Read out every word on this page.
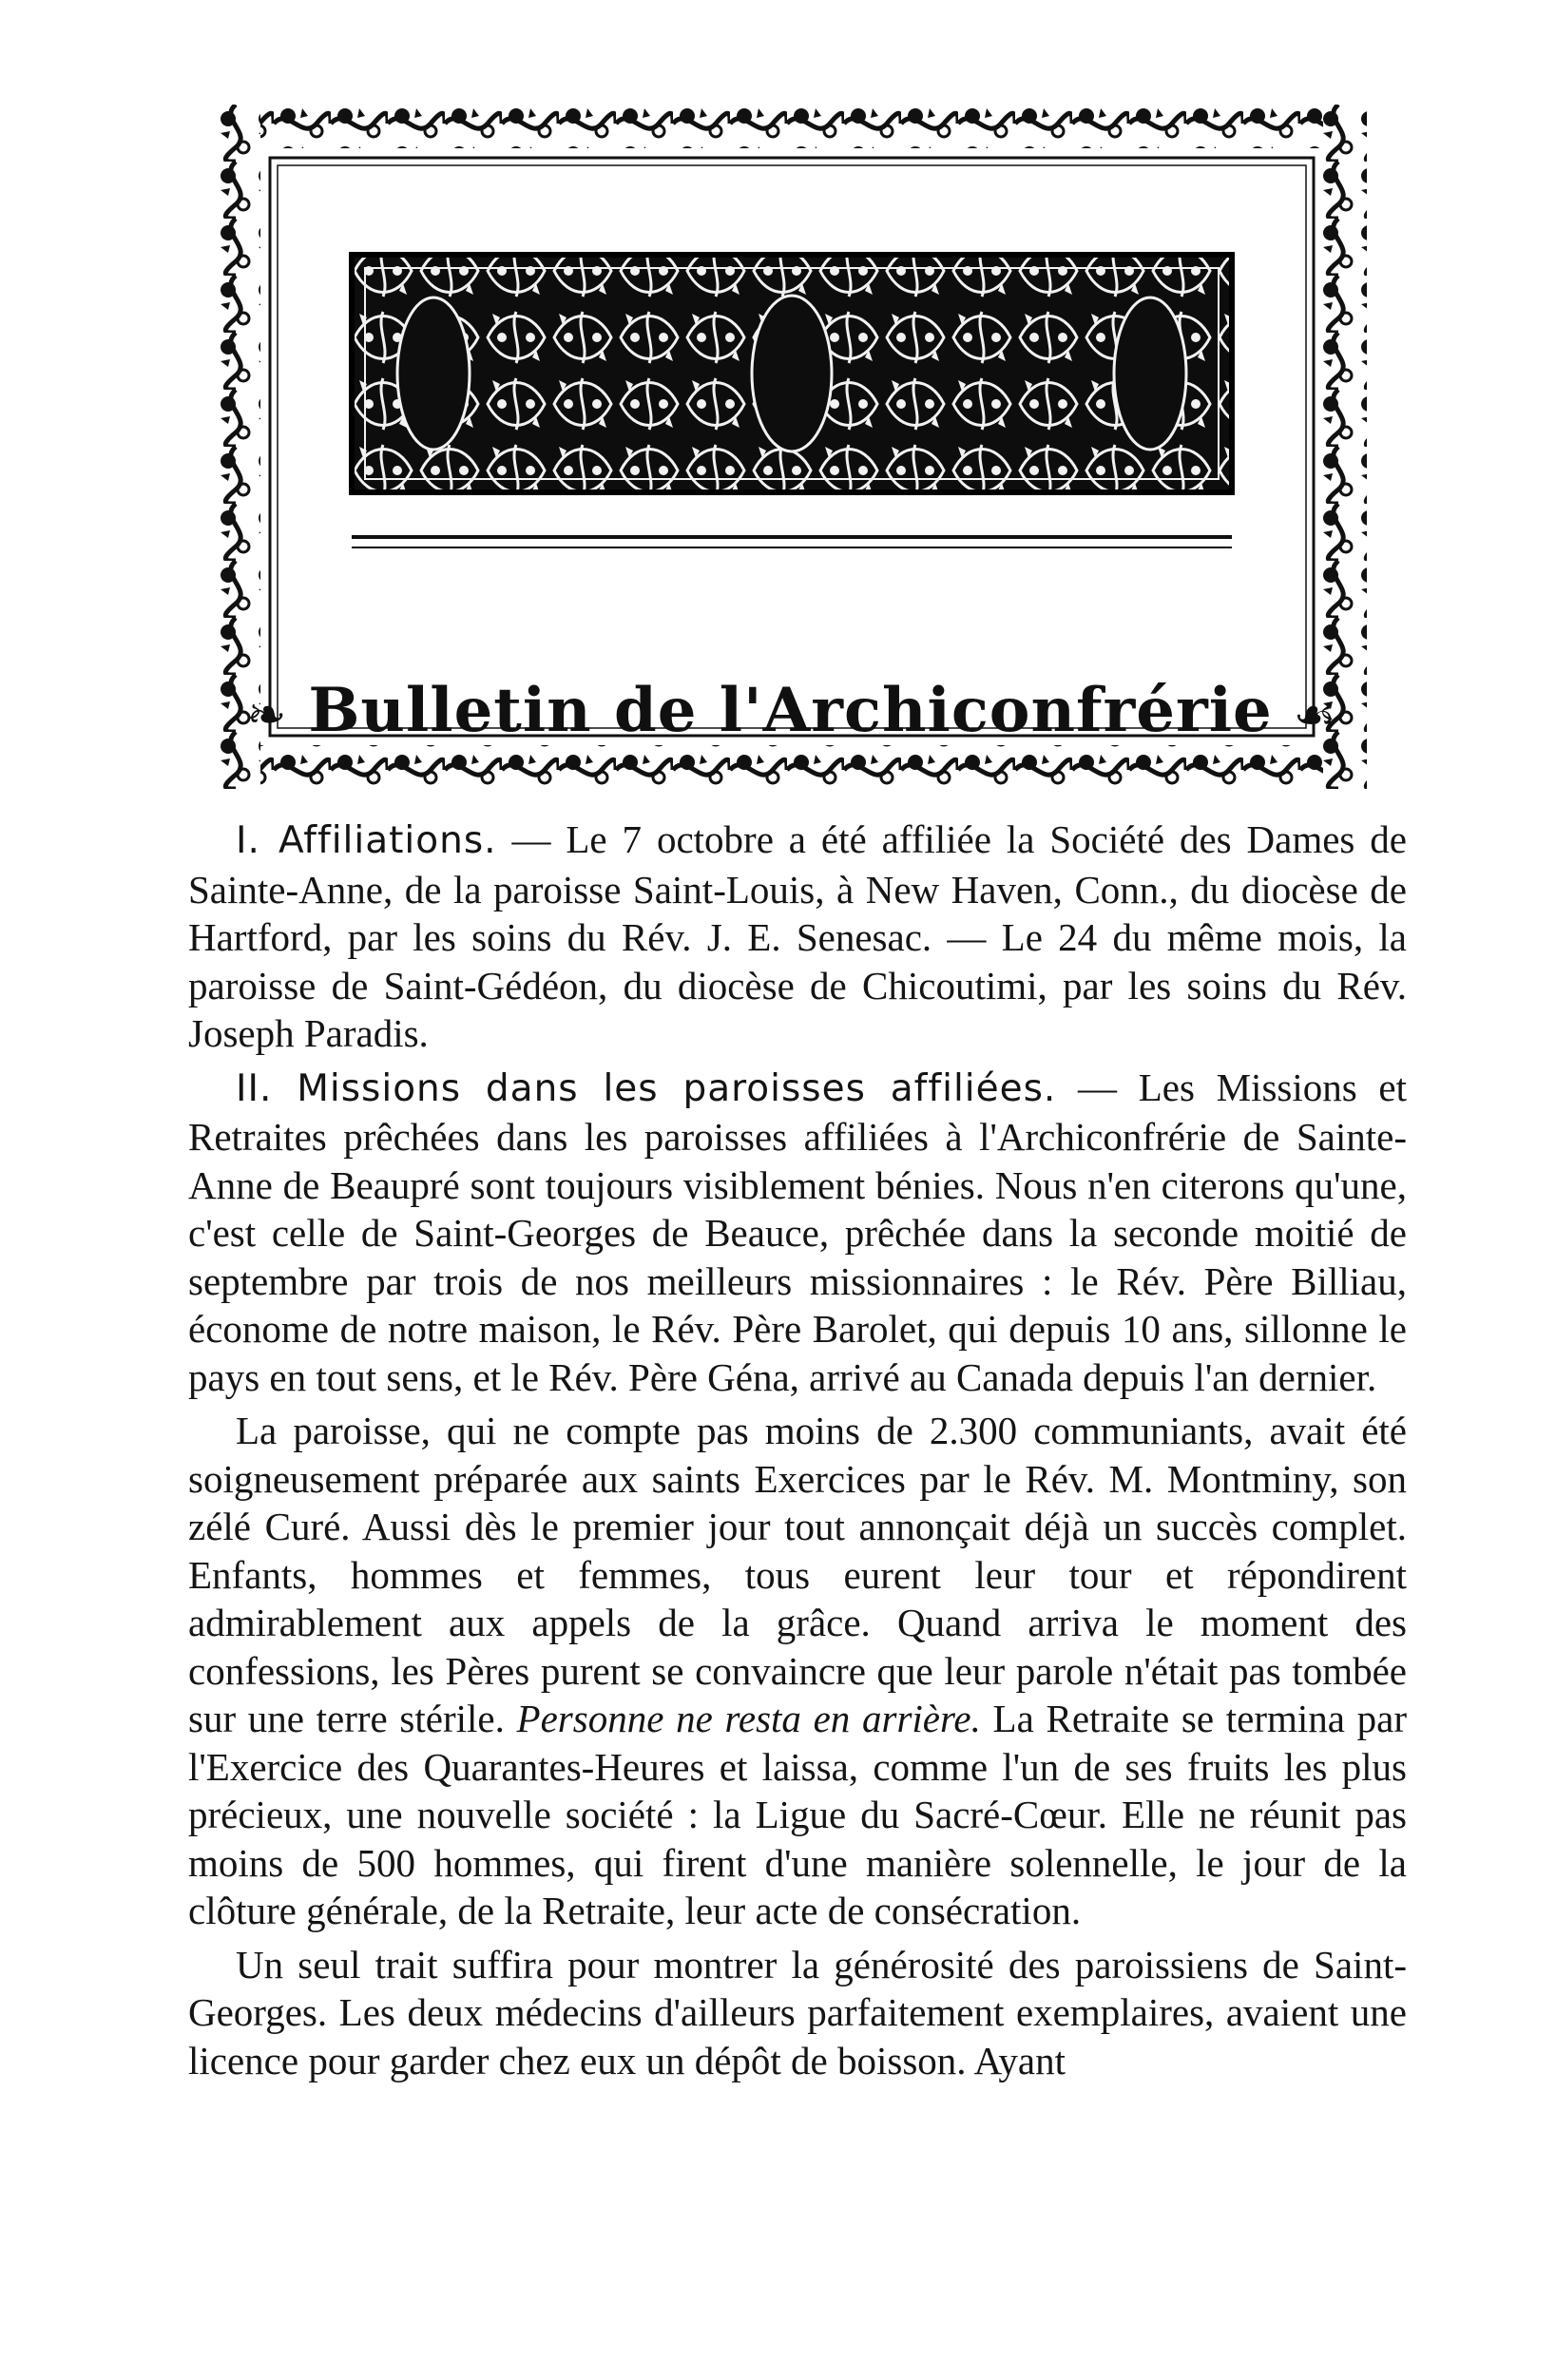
❧ Bulletin de l'Archiconfrérie ☙

I. Affiliations. — Le 7 octobre a été affiliée la Société des Dames de Sainte-Anne, de la paroisse Saint-Louis, à New Haven, Conn., du diocèse de Hartford, par les soins du Rév. J. E. Senesac. — Le 24 du même mois, la paroisse de Saint-Gédéon, du diocèse de Chicoutimi, par les soins du Rév. Joseph Paradis.

II. Missions dans les paroisses affiliées. — Les Missions et Retraites prêchées dans les paroisses affiliées à l'Archiconfrérie de Sainte-Anne de Beaupré sont toujours visiblement bénies. Nous n'en citerons qu'une, c'est celle de Saint-Georges de Beauce, prêchée dans la seconde moitié de septembre par trois de nos meilleurs missionnaires : le Rév. Père Billiau, économe de notre maison, le Rév. Père Barolet, qui depuis 10 ans, sillonne le pays en tout sens, et le Rév. Père Géna, arrivé au Canada depuis l'an dernier.

La paroisse, qui ne compte pas moins de 2.300 communiants, avait été soigneusement préparée aux saints Exercices par le Rév. M. Montminy, son zélé Curé. Aussi dès le premier jour tout annonçait déjà un succès complet. Enfants, hommes et femmes, tous eurent leur tour et répondirent admirablement aux appels de la grâce. Quand arriva le moment des confessions, les Pères purent se convaincre que leur parole n'était pas tombée sur une terre stérile. Personne ne resta en arrière. La Retraite se termina par l'Exercice des Quarantes-Heures et laissa, comme l'un de ses fruits les plus précieux, une nouvelle société : la Ligue du Sacré-Cœur. Elle ne réunit pas moins de 500 hommes, qui firent d'une manière solennelle, le jour de la clôture générale, de la Retraite, leur acte de consécration.

Un seul trait suffira pour montrer la générosité des paroissiens de Saint-Georges. Les deux médecins d'ailleurs parfaitement exemplaires, avaient une licence pour garder chez eux un dépôt de boisson. Ayant
